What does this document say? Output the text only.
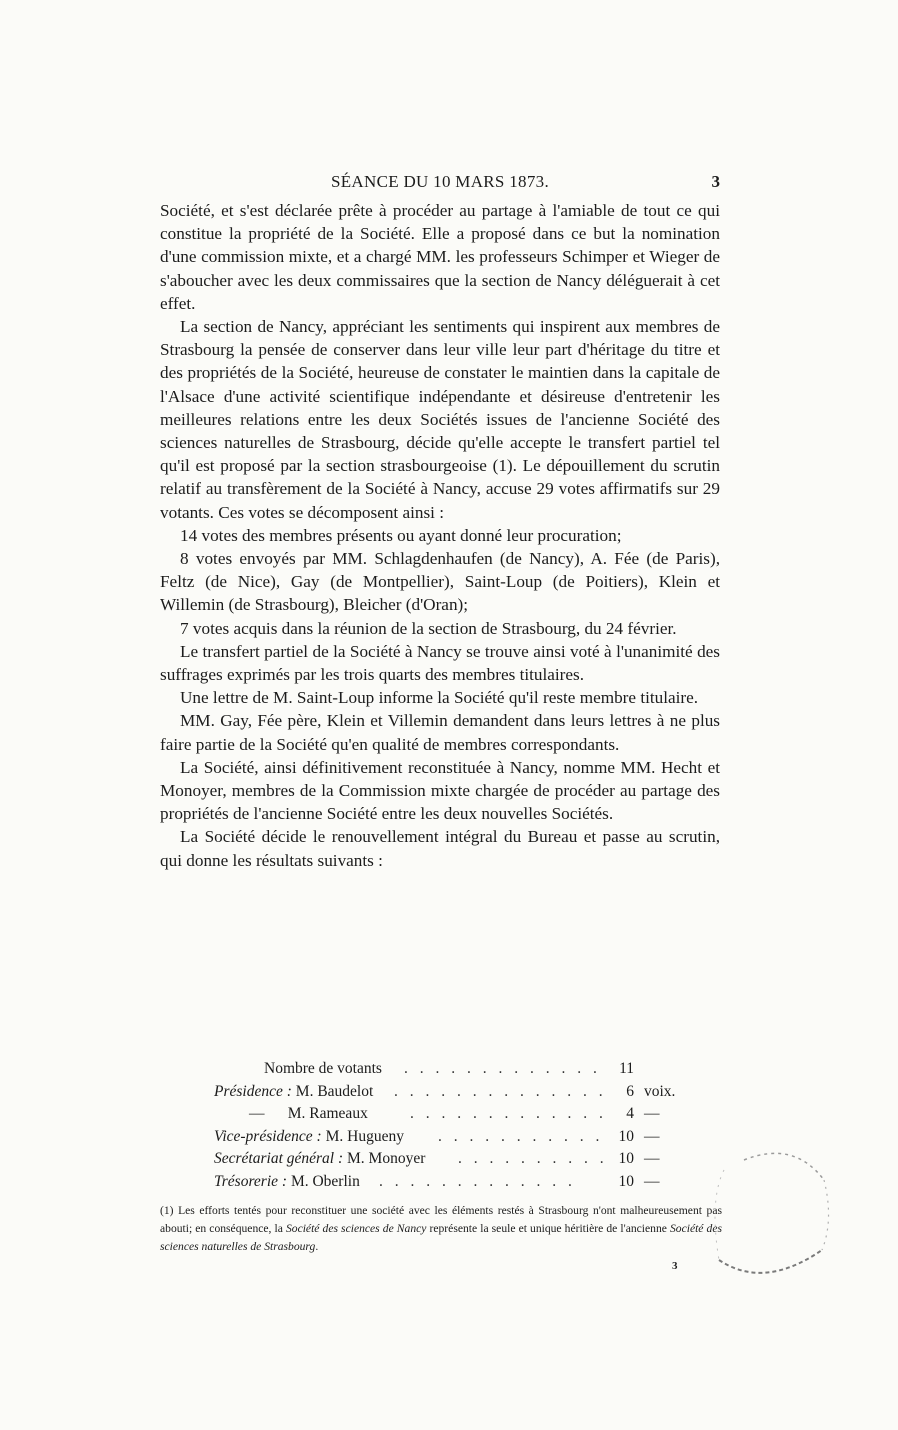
SÉANCE DU 10 MARS 1873.	3

Société, et s'est déclarée prête à procéder au partage à l'amiable de tout ce qui constitue la propriété de la Société. Elle a proposé dans ce but la nomination d'une commission mixte, et a chargé MM. les professeurs Schimper et Wieger de s'aboucher avec les deux commissaires que la section de Nancy déléguerait à cet effet.

La section de Nancy, appréciant les sentiments qui inspirent aux membres de Strasbourg la pensée de conserver dans leur ville leur part d'héritage du titre et des propriétés de la Société, heureuse de constater le maintien dans la capitale de l'Alsace d'une activité scientifique indépendante et désireuse d'entretenir les meilleures relations entre les deux Sociétés issues de l'ancienne Société des sciences naturelles de Strasbourg, décide qu'elle accepte le transfert partiel tel qu'il est proposé par la section strasbourgeoise (1). Le dépouillement du scrutin relatif au transfèrement de la Société à Nancy, accuse 29 votes affirmatifs sur 29 votants. Ces votes se décomposent ainsi :

14 votes des membres présents ou ayant donné leur procuration;

8 votes envoyés par MM. Schlagdenhaufen (de Nancy), A. Fée (de Paris), Feltz (de Nice), Gay (de Montpellier), Saint-Loup (de Poitiers), Klein et Willemin (de Strasbourg), Bleicher (d'Oran);

7 votes acquis dans la réunion de la section de Strasbourg, du 24 février.

Le transfert partiel de la Société à Nancy se trouve ainsi voté à l'unanimité des suffrages exprimés par les trois quarts des membres titulaires.

Une lettre de M. Saint-Loup informe la Société qu'il reste membre titulaire.

MM. Gay, Fée père, Klein et Villemin demandent dans leurs lettres à ne plus faire partie de la Société qu'en qualité de membres correspondants.

La Société, ainsi définitivement reconstituée à Nancy, nomme MM. Hecht et Monoyer, membres de la Commission mixte chargée de procéder au partage des propriétés de l'ancienne Société entre les deux nouvelles Sociétés.

La Société décide le renouvellement intégral du Bureau et passe au scrutin, qui donne les résultats suivants :

Nombre de votants . . . . . . . . . . . . .	11
Présidence : M. Baudelot . . . . . . . . . . . . . .	6 voix.
—      M. Rameaux	. . . . . . . . . . . . .	4 —
Vice-présidence : M. Hugueny . . . . . . . . . . . 10 —
Secrétariat général : M. Monoyer . . . . . . . . . . 10 —
Trésorerie : M. Oberlin . . . . . . . . . . . . .	10 —
(1) Les efforts tentés pour reconstituer une société avec les éléments restés à Strasbourg n'ont malheureusement pas abouti; en conséquence, la Société des sciences de Nancy représente la seule et unique héritière de l'ancienne Société des sciences naturelles de Strasbourg.
3
